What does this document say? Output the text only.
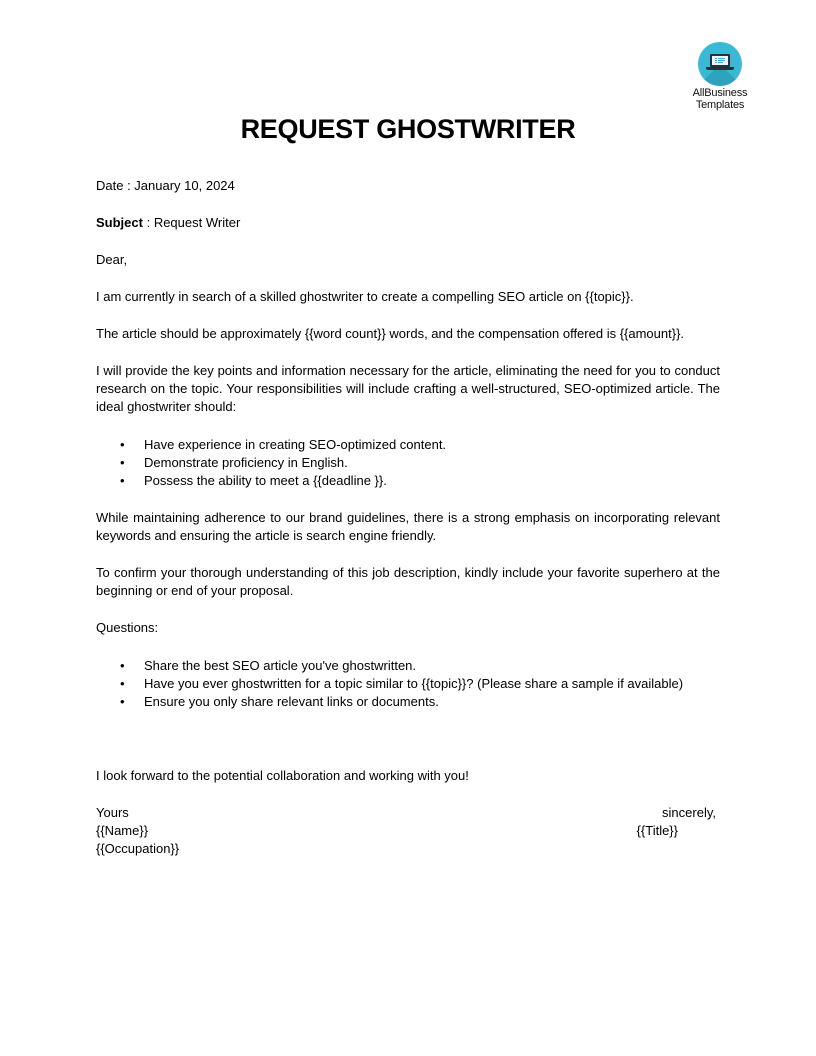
AllBusiness
Templates
REQUEST GHOSTWRITER

Date : January 10, 2024

Subject : Request Writer

Dear,

I am currently in search of a skilled ghostwriter to create a compelling SEO article on {{topic}}.

The article should be approximately {{word count}} words, and the compensation offered is {{amount}}.

I will provide the key points and information necessary for the article, eliminating the need for you to conduct research on the topic. Your responsibilities will include crafting a well-structured, SEO-optimized article. The ideal ghostwriter should:

• Have experience in creating SEO-optimized content.
• Demonstrate proficiency in English.
• Possess the ability to meet a {{deadline }}.

While maintaining adherence to our brand guidelines, there is a strong emphasis on incorporating relevant keywords and ensuring the article is search engine friendly.

To confirm your thorough understanding of this job description, kindly include your favorite superhero at the beginning or end of your proposal.

Questions:

• Share the best SEO article you've ghostwritten.
• Have you ever ghostwritten for a topic similar to {{topic}}? (Please share a sample if available)
• Ensure you only share relevant links or documents.

I look forward to the potential collaboration and working with you!

Yours	sincerely,
{{Name}}	{{Title}}
{{Occupation}}
